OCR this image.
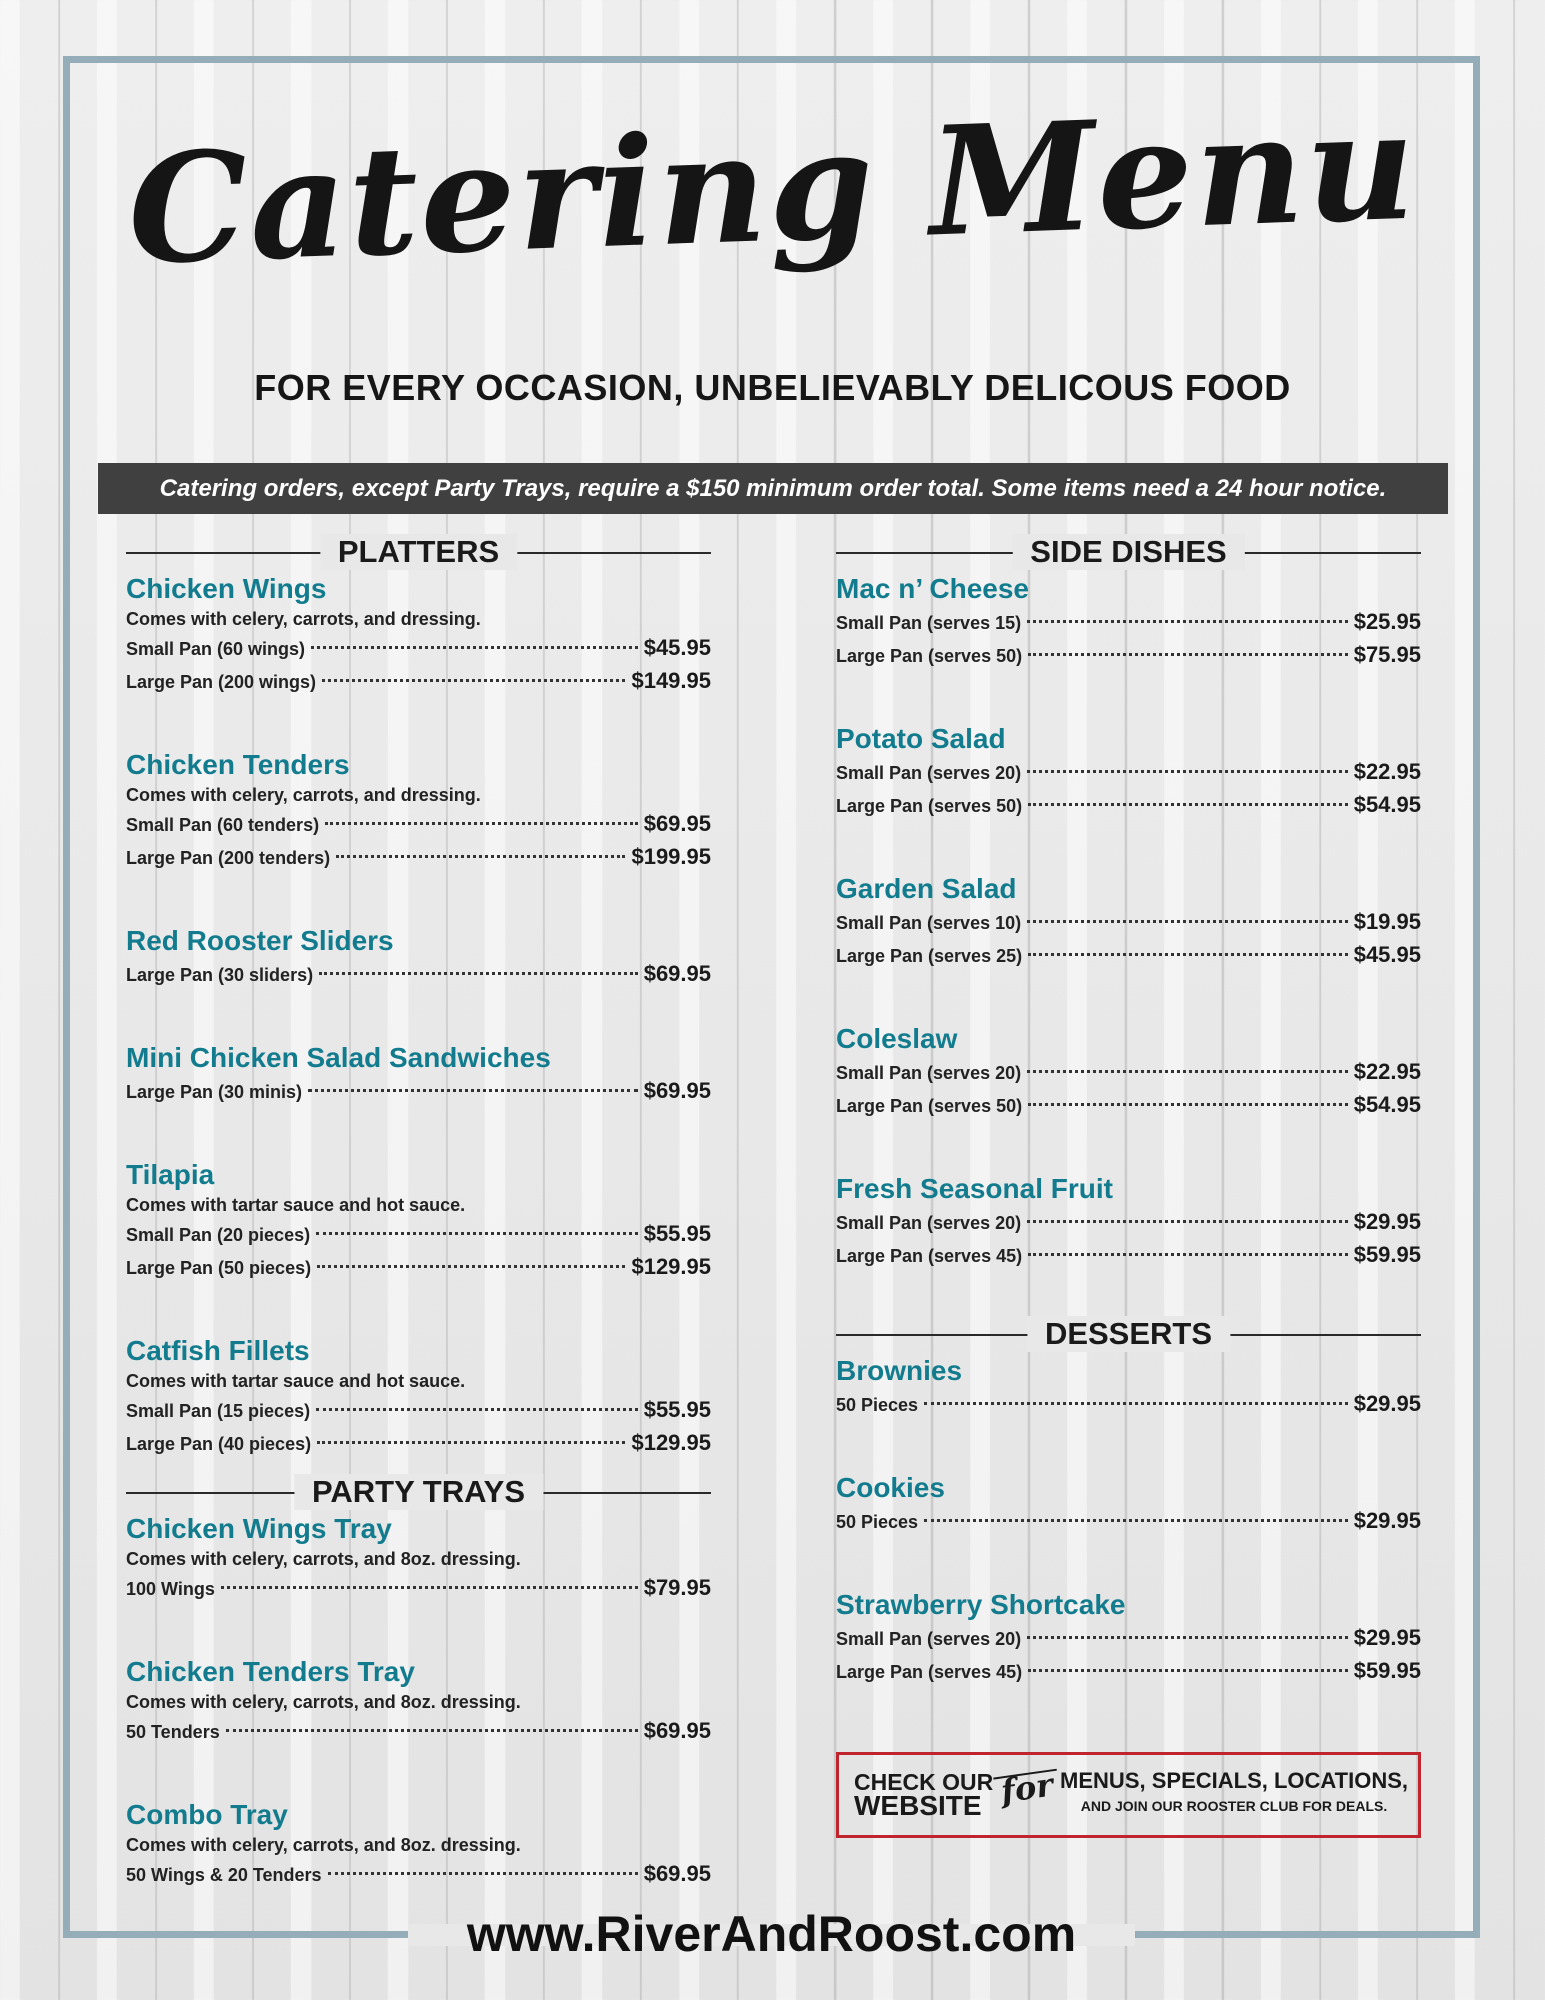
Catering Menu
FOR EVERY OCCASION, UNBELIEVABLY DELICOUS FOOD
Catering orders, except Party Trays, require a $150 minimum order total. Some items need a 24 hour notice.
PLATTERS
Chicken Wings
Comes with celery, carrots, and dressing.
Small Pan (60 wings)	$45.95
Large Pan (200 wings)	$149.95
Chicken Tenders
Comes with celery, carrots, and dressing.
Small Pan (60 tenders)	$69.95
Large Pan (200 tenders)	$199.95
Red Rooster Sliders
Large Pan (30 sliders)	$69.95
Mini Chicken Salad Sandwiches
Large Pan (30 minis)	$69.95
Tilapia
Comes with tartar sauce and hot sauce.
Small Pan (20 pieces)	$55.95
Large Pan (50 pieces)	$129.95
Catfish Fillets
Comes with tartar sauce and hot sauce.
Small Pan (15 pieces)	$55.95
Large Pan (40 pieces)	$129.95
PARTY TRAYS
Chicken Wings Tray
Comes with celery, carrots, and 8oz. dressing.
100 Wings	$79.95
Chicken Tenders Tray
Comes with celery, carrots, and 8oz. dressing.
50 Tenders	$69.95
Combo Tray
Comes with celery, carrots, and 8oz. dressing.
50 Wings & 20 Tenders	$69.95
SIDE DISHES
Mac n’ Cheese
Small Pan (serves 15)	$25.95
Large Pan (serves 50)	$75.95
Potato Salad
Small Pan (serves 20)	$22.95
Large Pan (serves 50)	$54.95
Garden Salad
Small Pan (serves 10)	$19.95
Large Pan (serves 25)	$45.95
Coleslaw
Small Pan (serves 20)	$22.95
Large Pan (serves 50)	$54.95
Fresh Seasonal Fruit
Small Pan (serves 20)	$29.95
Large Pan (serves 45)	$59.95
DESSERTS
Brownies
50 Pieces	$29.95
Cookies
50 Pieces	$29.95
Strawberry Shortcake
Small Pan (serves 20)	$29.95
Large Pan (serves 45)	$59.95
CHECK OUR
WEBSITE for MENUS, SPECIALS, LOCATIONS,
AND JOIN OUR ROOSTER CLUB FOR DEALS.
www.RiverAndRoost.com
